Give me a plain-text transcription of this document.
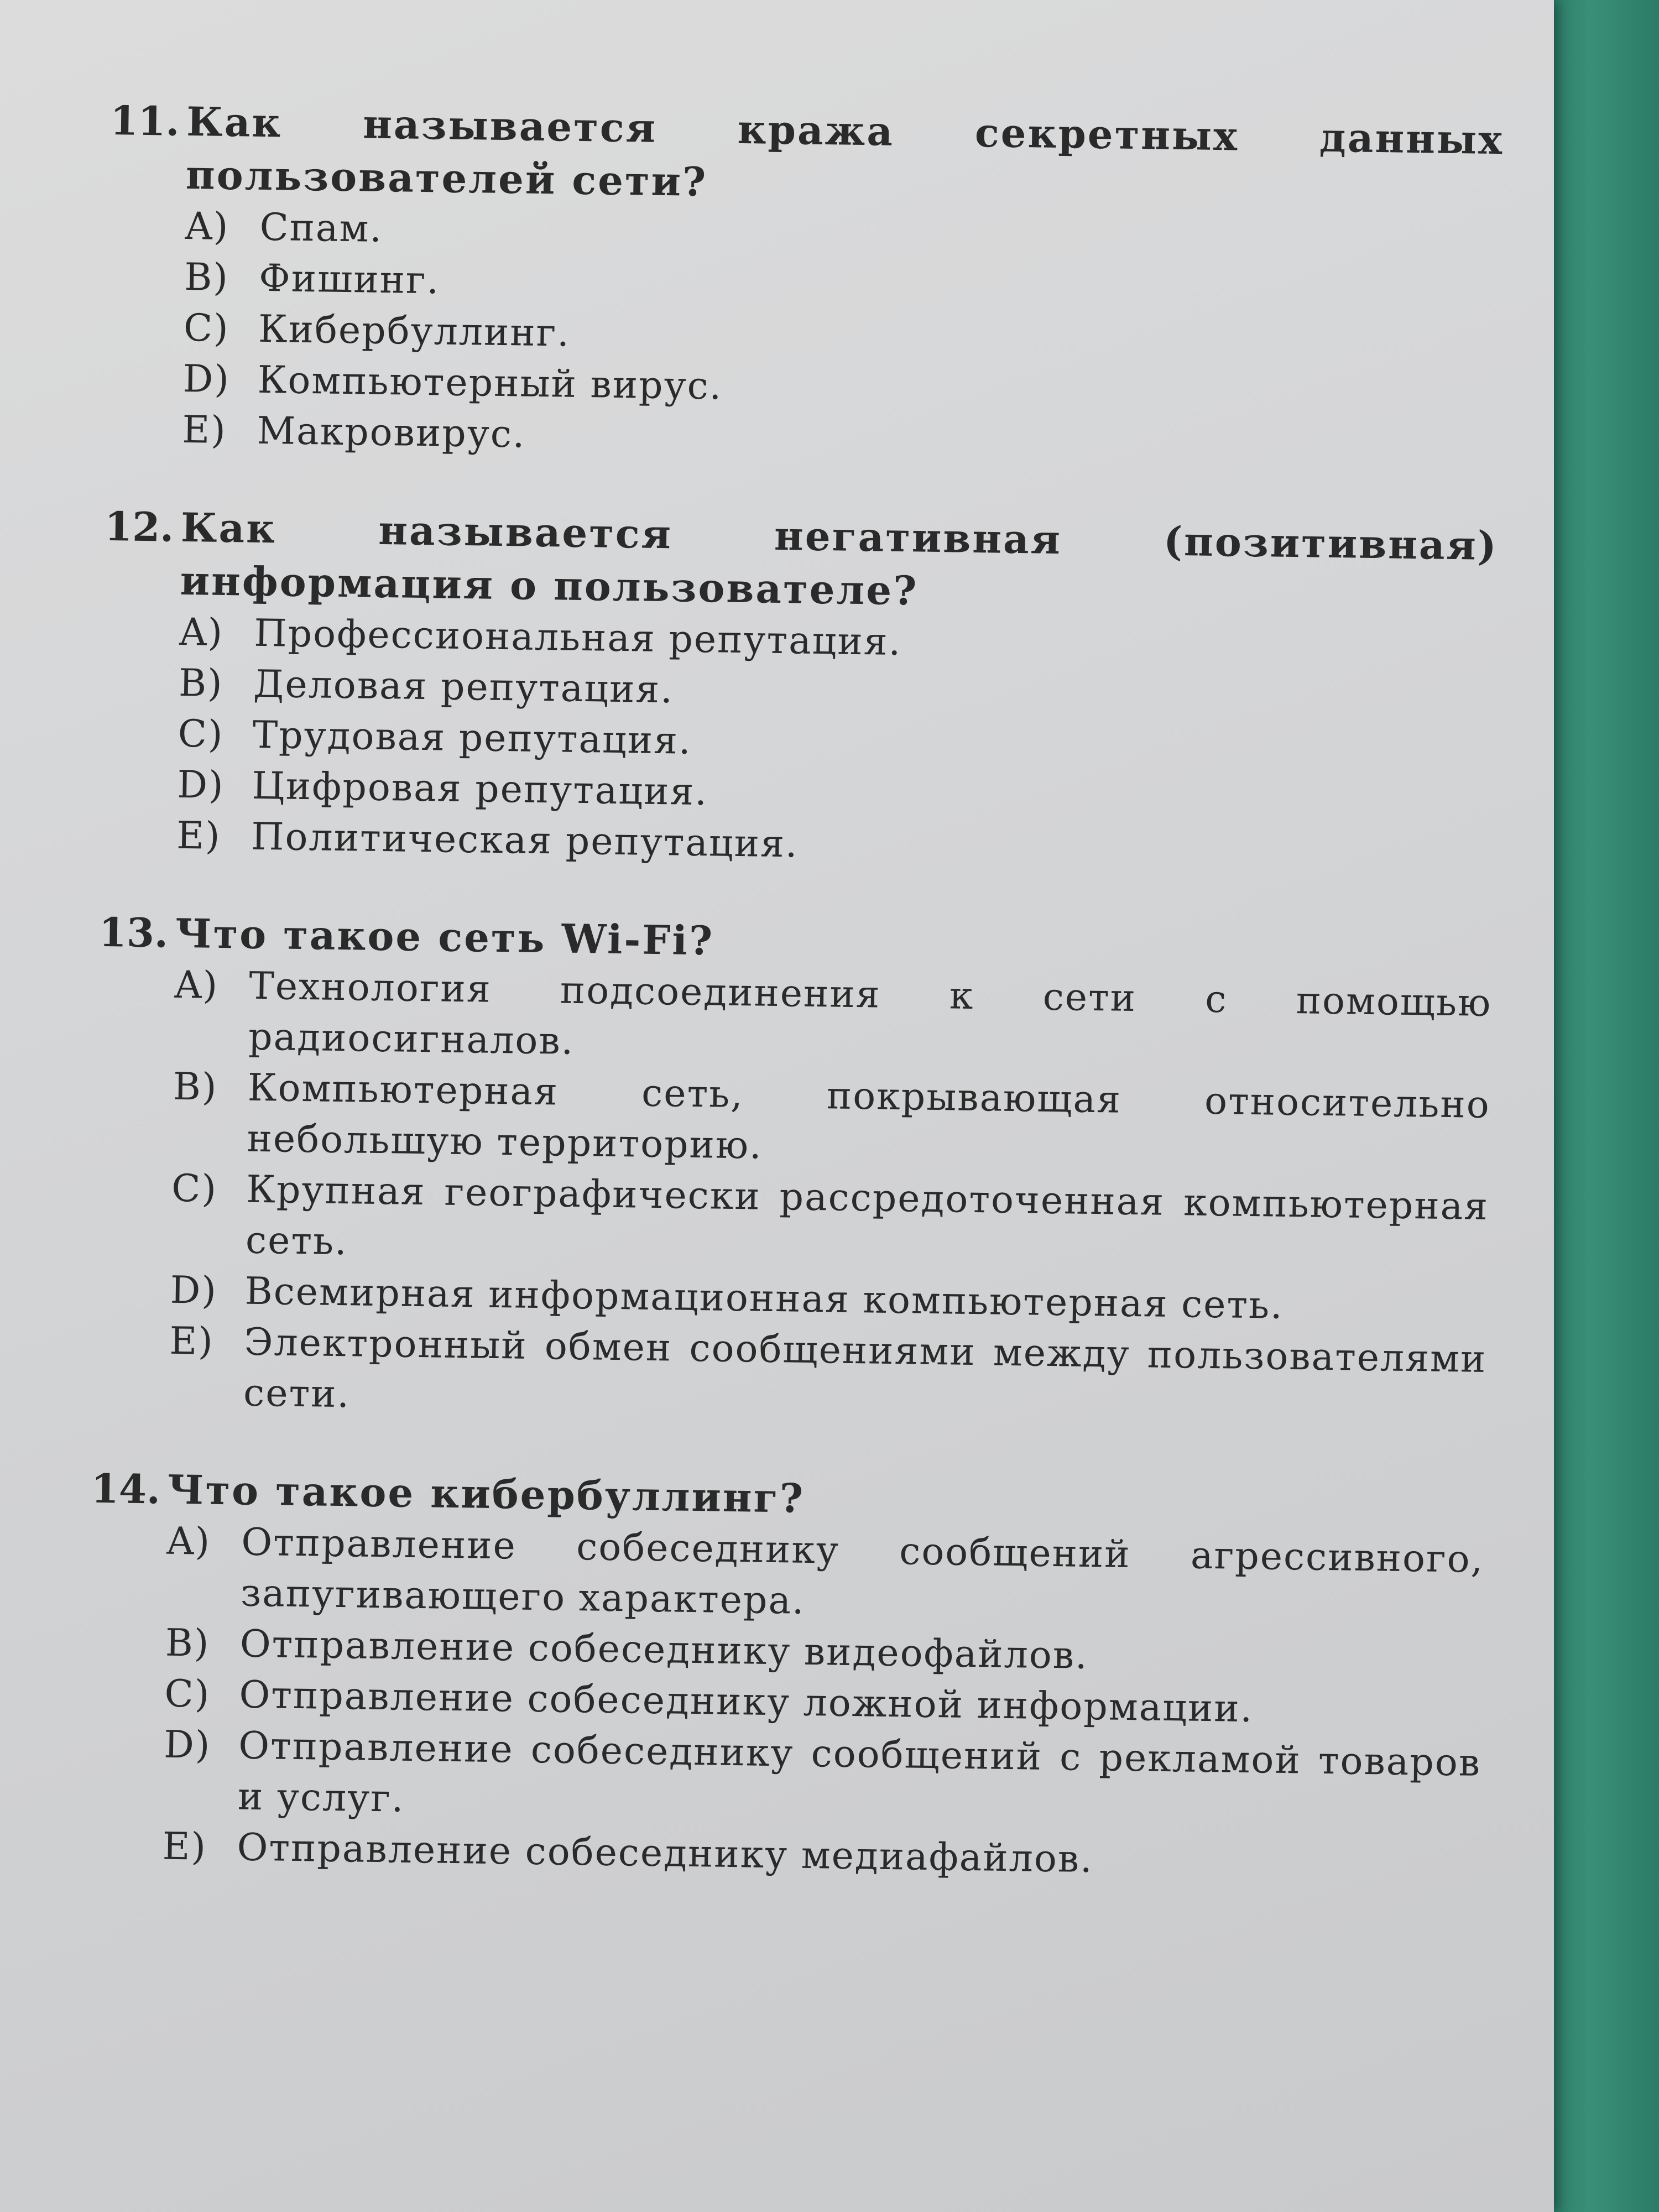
11. Как называется кража секретных данных пользователей сети?
A) Спам.
B) Фишинг.
C) Кибербуллинг.
D) Компьютерный вирус.
E) Макровирус.
12. Как называется негативная (позитивная) информация о пользователе?
A) Профессиональная репутация.
B) Деловая репутация.
C) Трудовая репутация.
D) Цифровая репутация.
E) Политическая репутация.
13. Что такое сеть Wi-Fi?
A) Технология подсоединения к сети с помощью радиосигналов.
B) Компьютерная сеть, покрывающая относительно небольшую территорию.
C) Крупная географически рассредоточенная компьютерная сеть.
D) Всемирная информационная компьютерная сеть.
E) Электронный обмен сообщениями между пользователями сети.
14. Что такое кибербуллинг?
A) Отправление собеседнику сообщений агрессивного, запугивающего характера.
B) Отправление собеседнику видеофайлов.
C) Отправление собеседнику ложной информации.
D) Отправление собеседнику сообщений с рекламой товаров и услуг.
E) Отправление собеседнику медиафайлов.
